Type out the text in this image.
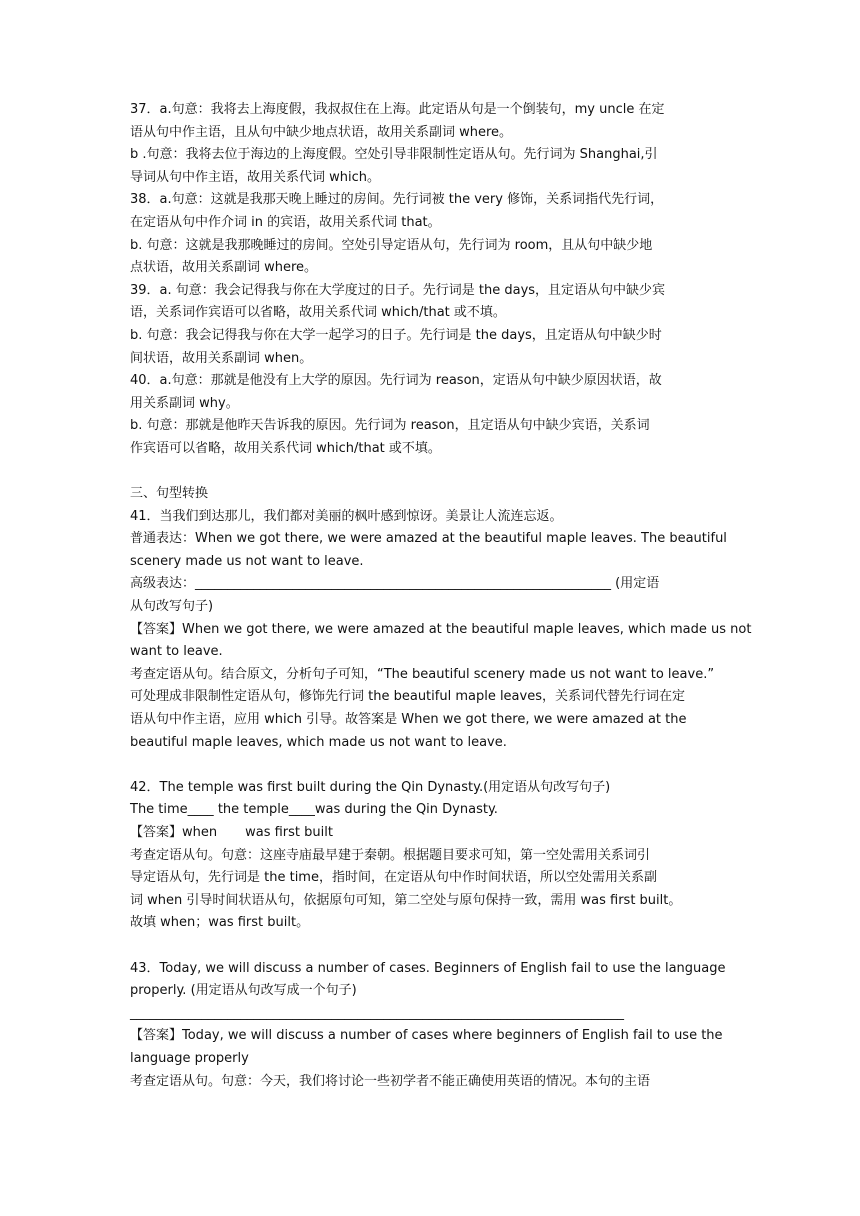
37．a.句意：我将去上海度假，我叔叔住在上海。此定语从句是一个倒装句，my uncle 在定
语从句中作主语，且从句中缺少地点状语，故用关系副词 where。
b .句意：我将去位于海边的上海度假。空处引导非限制性定语从句。先行词为 Shanghai,引
导词从句中作主语，故用关系代词 which。
38．a.句意：这就是我那天晚上睡过的房间。先行词被 the very 修饰，关系词指代先行词，
在定语从句中作介词 in 的宾语，故用关系代词 that。
b. 句意：这就是我那晚睡过的房间。空处引导定语从句，先行词为 room，且从句中缺少地
点状语，故用关系副词 where。
39．a. 句意：我会记得我与你在大学度过的日子。先行词是 the days，且定语从句中缺少宾
语，关系词作宾语可以省略，故用关系代词 which/that 或不填。
b. 句意：我会记得我与你在大学一起学习的日子。先行词是 the days，且定语从句中缺少时
间状语，故用关系副词 when。
40．a.句意：那就是他没有上大学的原因。先行词为 reason，定语从句中缺少原因状语，故
用关系副词 why。
b. 句意：那就是他昨天告诉我的原因。先行词为 reason，且定语从句中缺少宾语，关系词
作宾语可以省略，故用关系代词 which/that 或不填。
三、句型转换
41．当我们到达那儿，我们都对美丽的枫叶感到惊讶。美景让人流连忘返。
普通表达：When we got there, we were amazed at the beautiful maple leaves. The beautiful
scenery made us not want to leave.
高级表达：________________________________________________________________ (用定语
从句改写句子)
【答案】When we got there, we were amazed at the beautiful maple leaves, which made us not
want to leave.
考查定语从句。结合原文，分析句子可知，“The beautiful scenery made us not want to leave.”
可处理成非限制性定语从句，修饰先行词 the beautiful maple leaves，关系词代替先行词在定
语从句中作主语，应用 which 引导。故答案是 When we got there, we were amazed at the
beautiful maple leaves, which made us not want to leave.
42．The temple was first built during the Qin Dynasty.(用定语从句改写句子)
The time____ the temple____was during the Qin Dynasty.
【答案】when was first built
考查定语从句。句意：这座寺庙最早建于秦朝。根据题目要求可知，第一空处需用关系词引
导定语从句，先行词是 the time，指时间，在定语从句中作时间状语，所以空处需用关系副
词 when 引导时间状语从句，依据原句可知，第二空处与原句保持一致，需用 was first built。
故填 when；was first built。
43．Today, we will discuss a number of cases. Beginners of English fail to use the language
properly. (用定语从句改写成一个句子)
____________________________________________________________________________
【答案】Today, we will discuss a number of cases where beginners of English fail to use the
language properly
考查定语从句。句意：今天，我们将讨论一些初学者不能正确使用英语的情况。本句的主语
